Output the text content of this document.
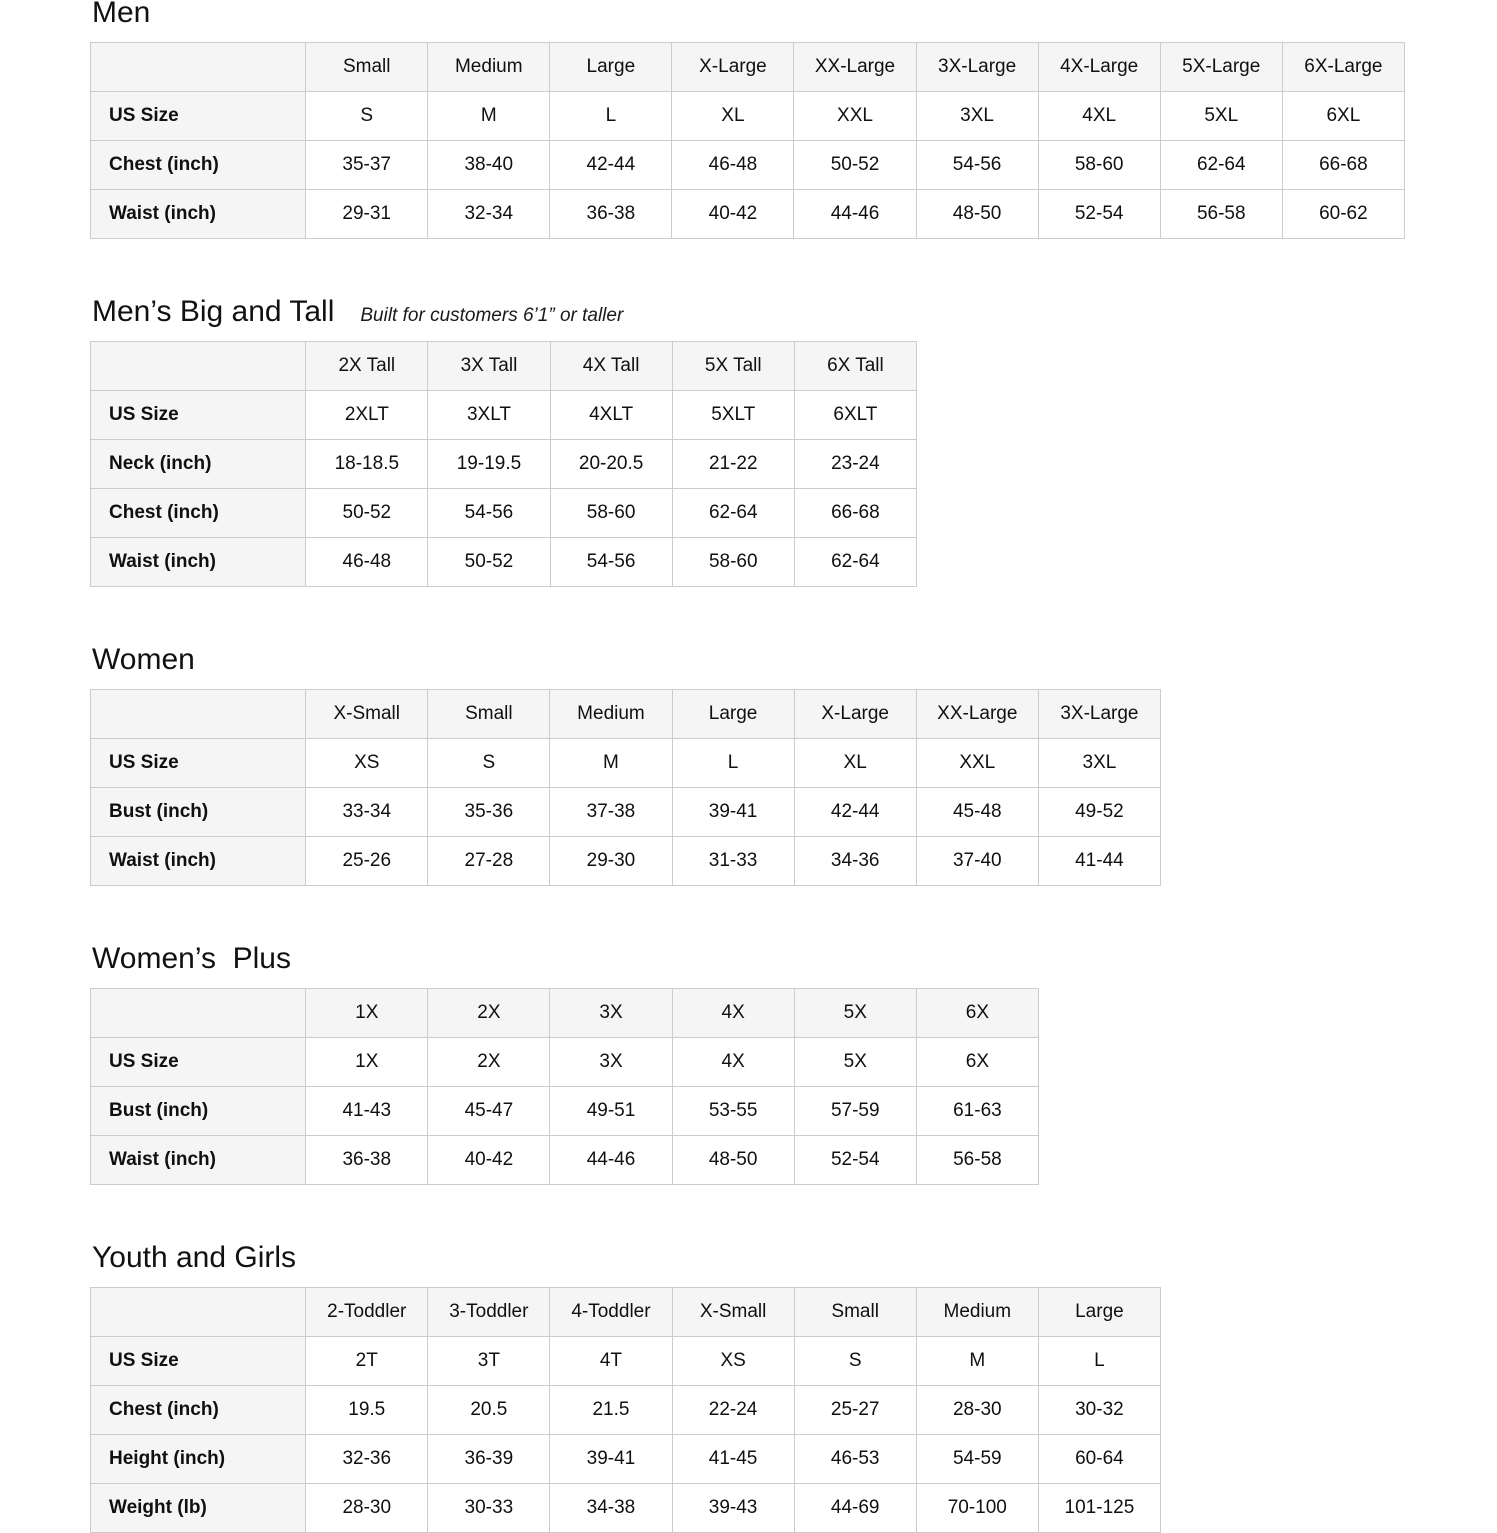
Men
	Small	Medium	Large	X-Large	XX-Large	3X-Large	4X-Large	5X-Large	6X-Large
US Size	S	M	L	XL	XXL	3XL	4XL	5XL	6XL
Chest (inch)	35-37	38-40	42-44	46-48	50-52	54-56	58-60	62-64	66-68
Waist (inch)	29-31	32-34	36-38	40-42	44-46	48-50	52-54	56-58	60-62
Men’s Big and Tall Built for customers 6’1” or taller
	2X Tall	3X Tall	4X Tall	5X Tall	6X Tall
US Size	2XLT	3XLT	4XLT	5XLT	6XLT
Neck (inch)	18-18.5	19-19.5	20-20.5	21-22	23-24
Chest (inch)	50-52	54-56	58-60	62-64	66-68
Waist (inch)	46-48	50-52	54-56	58-60	62-64
Women
	X-Small	Small	Medium	Large	X-Large	XX-Large	3X-Large
US Size	XS	S	M	L	XL	XXL	3XL
Bust (inch)	33-34	35-36	37-38	39-41	42-44	45-48	49-52
Waist (inch)	25-26	27-28	29-30	31-33	34-36	37-40	41-44
Women’s  Plus
	1X	2X	3X	4X	5X	6X
US Size	1X	2X	3X	4X	5X	6X
Bust (inch)	41-43	45-47	49-51	53-55	57-59	61-63
Waist (inch)	36-38	40-42	44-46	48-50	52-54	56-58
Youth and Girls
	2-Toddler	3-Toddler	4-Toddler	X-Small	Small	Medium	Large
US Size	2T	3T	4T	XS	S	M	L
Chest (inch)	19.5	20.5	21.5	22-24	25-27	28-30	30-32
Height (inch)	32-36	36-39	39-41	41-45	46-53	54-59	60-64
Weight (lb)	28-30	30-33	34-38	39-43	44-69	70-100	101-125
